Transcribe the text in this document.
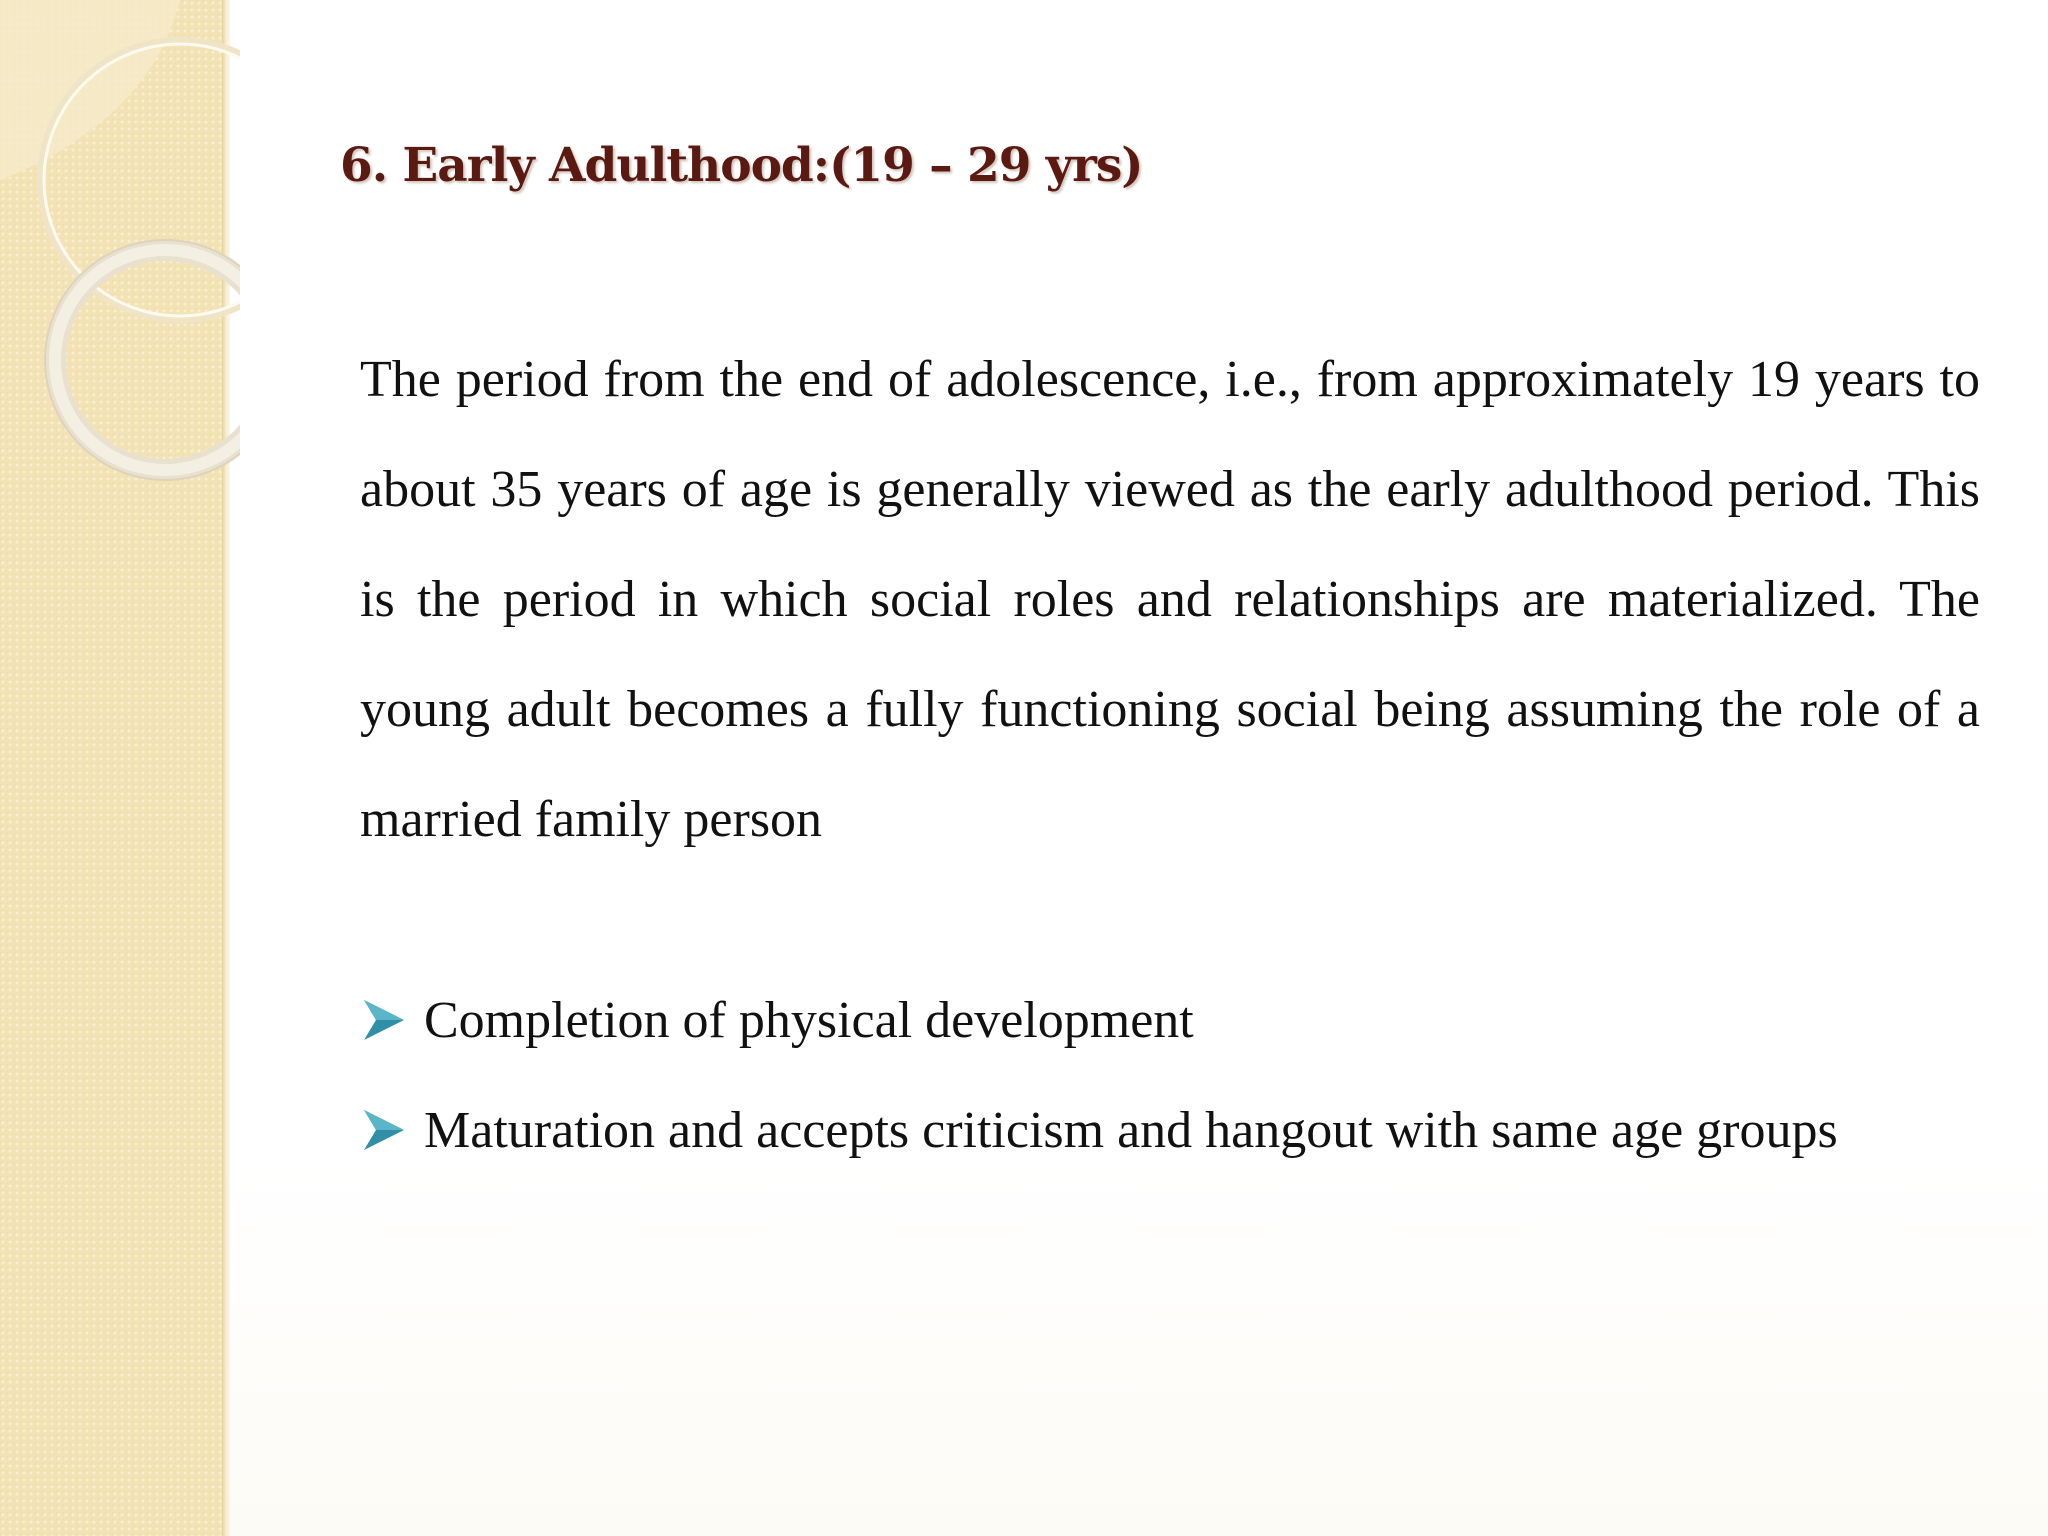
6. Early Adulthood:(19 – 29 yrs)

The period from the end of adolescence, i.e., from approximately 19 years to about 35 years of age is generally viewed as the early adulthood period. This is the period in which social roles and relationships are materialized. The young adult becomes a fully functioning social being assuming the role of a married family person

Completion of physical development
Maturation and accepts criticism and hangout with same age groups
